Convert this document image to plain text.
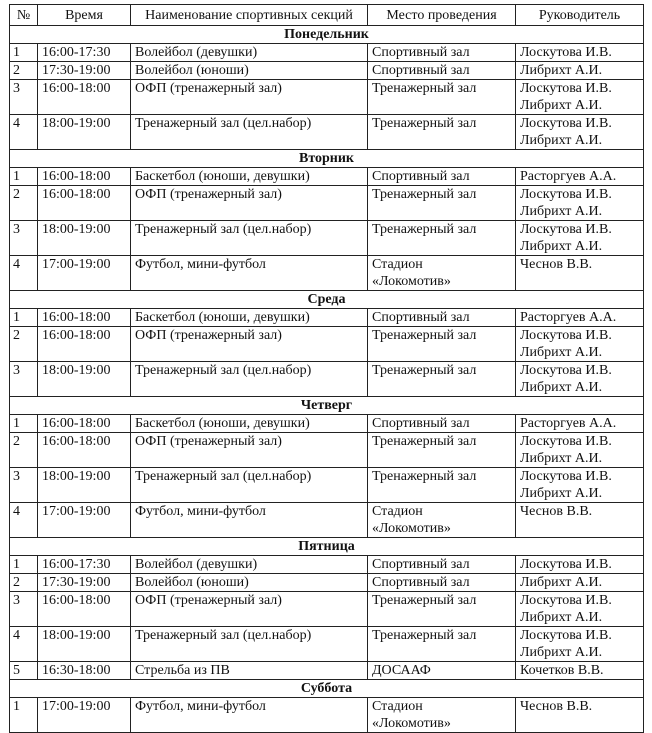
№	Время	Наименование спортивных секций	Место проведения	Руководитель
Понедельник				
1	16:00-17:30	Волейбол (девушки)	Спортивный зал	Лоскутова И.В.

2	17:30-19:00	Волейбол (юноши)	Спортивный зал	Либрихт А.И.

3	16:00-18:00	ОФП (тренажерный зал)	Тренажерный зал	Лоскутова И.В.
Либрихт А.И.

4	18:00-19:00	Тренажерный зал (цел.набор)	Тренажерный зал	Лоскутова И.В.
Либрихт А.И.

Вторник				
1	16:00-18:00	Баскетбол (юноши, девушки)	Спортивный зал	Расторгуев А.А.

2	16:00-18:00	ОФП (тренажерный зал)	Тренажерный зал	Лоскутова И.В.
Либрихт А.И.

3	18:00-19:00	Тренажерный зал (цел.набор)	Тренажерный зал	Лоскутова И.В.
Либрихт А.И.

4	17:00-19:00	Футбол, мини-футбол	Стадион
«Локомотив»	Чеснов В.В.

Среда				
1	16:00-18:00	Баскетбол (юноши, девушки)	Спортивный зал	Расторгуев А.А.

2	16:00-18:00	ОФП (тренажерный зал)	Тренажерный зал	Лоскутова И.В.
Либрихт А.И.

3	18:00-19:00	Тренажерный зал (цел.набор)	Тренажерный зал	Лоскутова И.В.
Либрихт А.И.

Четверг				
1	16:00-18:00	Баскетбол (юноши, девушки)	Спортивный зал	Расторгуев А.А.

2	16:00-18:00	ОФП (тренажерный зал)	Тренажерный зал	Лоскутова И.В.
Либрихт А.И.

3	18:00-19:00	Тренажерный зал (цел.набор)	Тренажерный зал	Лоскутова И.В.
Либрихт А.И.

4	17:00-19:00	Футбол, мини-футбол	Стадион
«Локомотив»	Чеснов В.В.

Пятница				
1	16:00-17:30	Волейбол (девушки)	Спортивный зал	Лоскутова И.В.

2	17:30-19:00	Волейбол (юноши)	Спортивный зал	Либрихт А.И.

3	16:00-18:00	ОФП (тренажерный зал)	Тренажерный зал	Лоскутова И.В.
Либрихт А.И.

4	18:00-19:00	Тренажерный зал (цел.набор)	Тренажерный зал	Лоскутова И.В.
Либрихт А.И.

5	16:30-18:00	Стрельба из ПВ	ДОСААФ	Кочетков В.В.

Суббота				
1	17:00-19:00	Футбол, мини-футбол	Стадион
«Локомотив»	Чеснов В.В.
